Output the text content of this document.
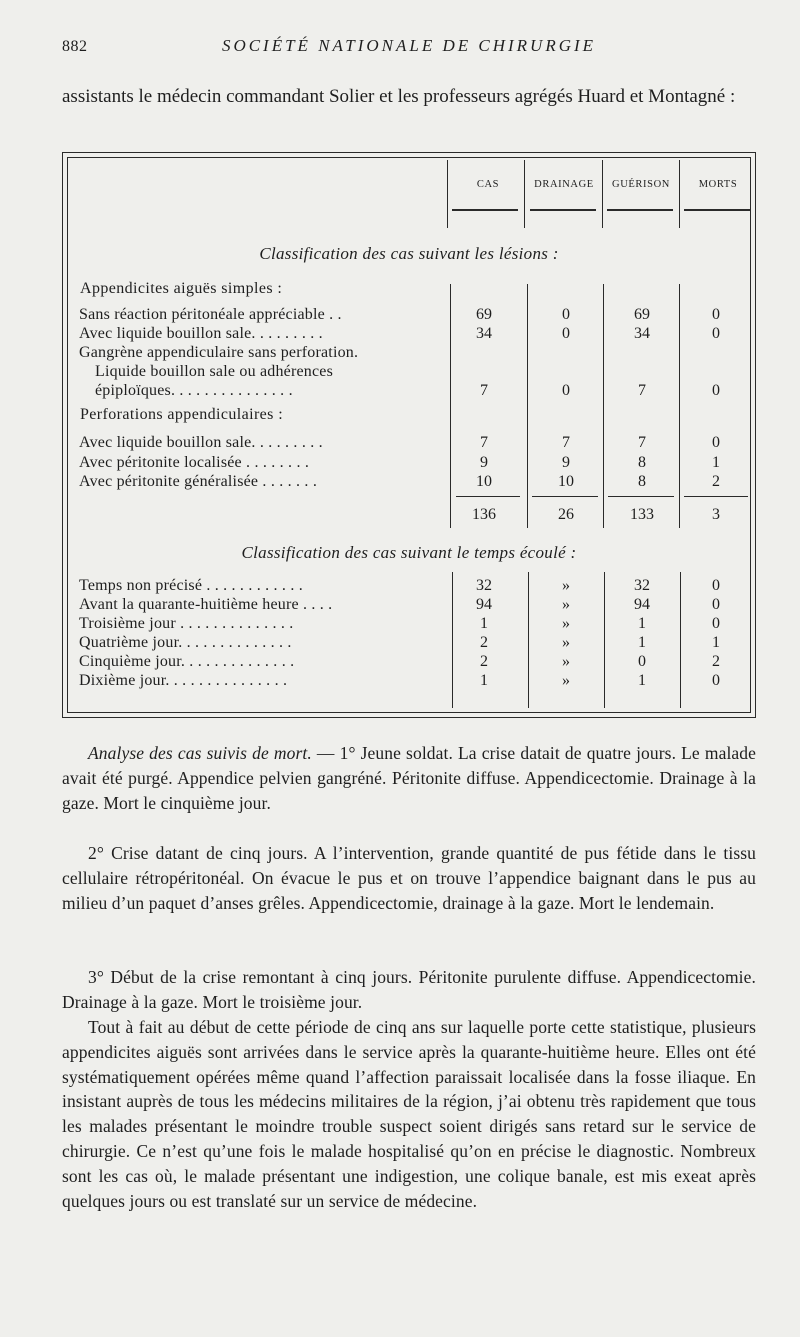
882	SOCIÉTÉ NATIONALE DE CHIRURGIE
assistants le médecin commandant Solier et les professeurs agrégés Huard et Montagné :
CAS	DRAINAGE	GUÉRISON	MORTS
Classification des cas suivant les lésions :
Appendicites aiguës simples :
Sans réaction péritonéale appréciable . .	69	0	69	0
Avec liquide bouillon sale. . . . . . . . .	34	0	34	0
Gangrène appendiculaire sans perforation.
Liquide bouillon sale ou adhérences
épiploïques. . . . . . . . . . . . . . .	7	0	7	0
Perforations appendiculaires :
Avec liquide bouillon sale. . . . . . . . .	7	7	7	0
Avec péritonite localisée . . . . . . . .	9	9	8	1
Avec péritonite généralisée . . . . . . .	10	10	8	2
136	26	133	3
Classification des cas suivant le temps écoulé :
Temps non précisé . . . . . . . . . . . .	32	»	32	0
Avant la quarante-huitième heure . . . .	94	»	94	0
Troisième jour . . . . . . . . . . . . . .	1	»	1	0
Quatrième jour. . . . . . . . . . . . . .	2	»	1	1
Cinquième jour. . . . . . . . . . . . . .	2	»	0	2
Dixième jour. . . . . . . . . . . . . . .	1	»	1	0
Analyse des cas suivis de mort. — 1° Jeune soldat. La crise datait de quatre jours. Le malade avait été purgé. Appendice pelvien gangréné. Péritonite diffuse. Appendicectomie. Drainage à la gaze. Mort le cinquième jour.
2° Crise datant de cinq jours. A l’intervention, grande quantité de pus fétide dans le tissu cellulaire rétropéritonéal. On évacue le pus et on trouve l’appendice baignant dans le pus au milieu d’un paquet d’anses grêles. Appendicectomie, drainage à la gaze. Mort le lendemain.
3° Début de la crise remontant à cinq jours. Péritonite purulente diffuse. Appendicectomie. Drainage à la gaze. Mort le troisième jour.
Tout à fait au début de cette période de cinq ans sur laquelle porte cette statistique, plusieurs appendicites aiguës sont arrivées dans le service après la quarante-huitième heure. Elles ont été systématiquement opérées même quand l’affection paraissait localisée dans la fosse iliaque. En insistant auprès de tous les médecins militaires de la région, j’ai obtenu très rapidement que tous les malades présentant le moindre trouble suspect soient dirigés sans retard sur le service de chirurgie. Ce n’est qu’une fois le malade hospitalisé qu’on en précise le diagnostic. Nombreux sont les cas où, le malade présentant une indigestion, une colique banale, est mis exeat après quelques jours ou est translaté sur un service de médecine.
